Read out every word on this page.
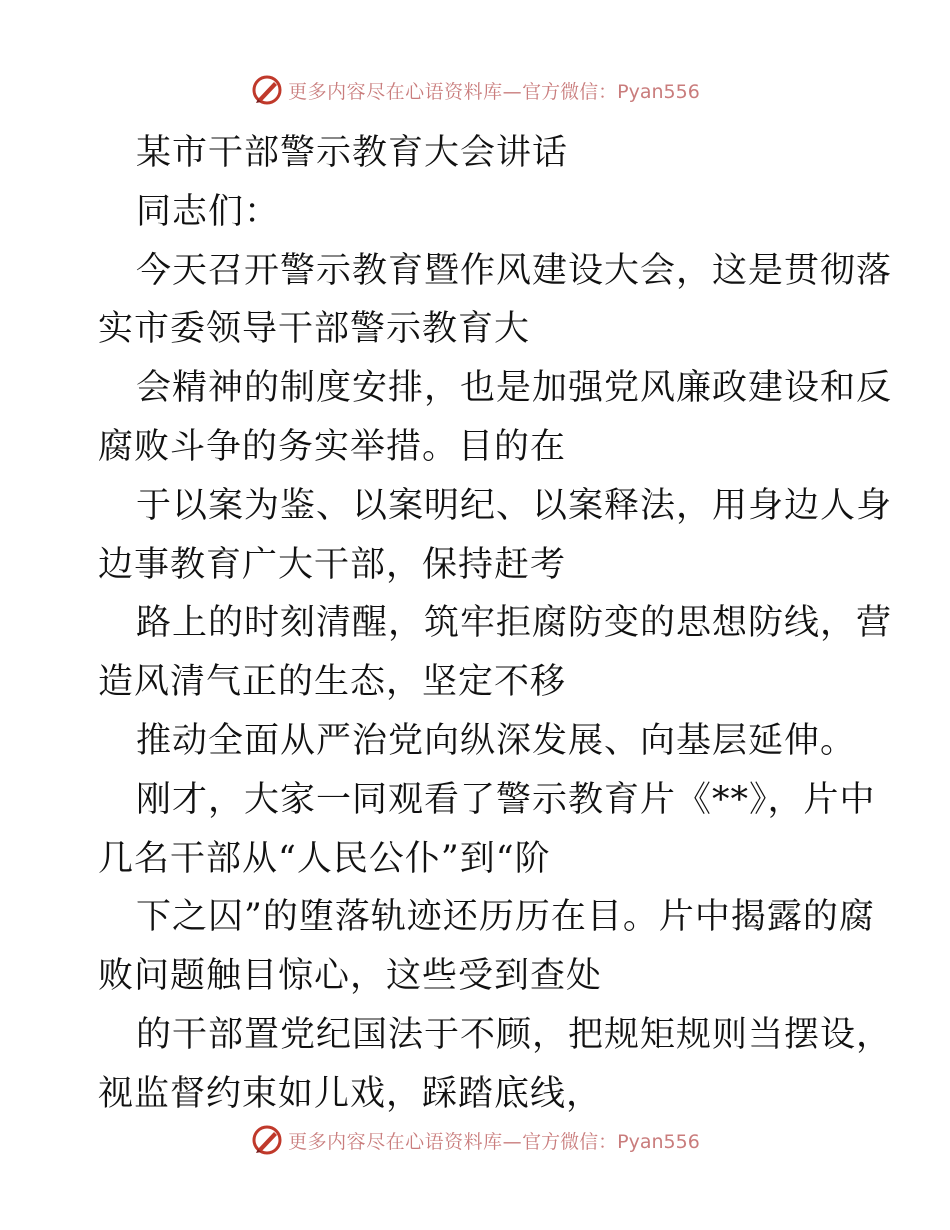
更多内容尽在心语资料库— 官方微信：Pyan556
某市干部警示教育大会讲话
同志们：
今天召开警示教育暨作风建设大会，这是贯彻落
实市委领导干部警示教育大
会精神的制度安排，也是加强党风廉政建设和反
腐败斗争的务实举措。目的在
于以案为鉴、以案明纪、以案释法，用身边人身
边事教育广大干部，保持赶考
路上的时刻清醒，筑牢拒腐防变的思想防线，营
造风清气正的生态，坚定不移
推动全面从严治党向纵深发展、向基层延伸。
刚才，大家一同观看了警示教育片《**》，片中
几名干部从“人民公仆”到“阶
下之囚”的堕落轨迹还历历在目。片中揭露的腐
败问题触目惊心，这些受到查处
的干部置党纪国法于不顾，把规矩规则当摆设，
视监督约束如儿戏，踩踏底线，
更多内容尽在心语资料库— 官方微信：Pyan556
